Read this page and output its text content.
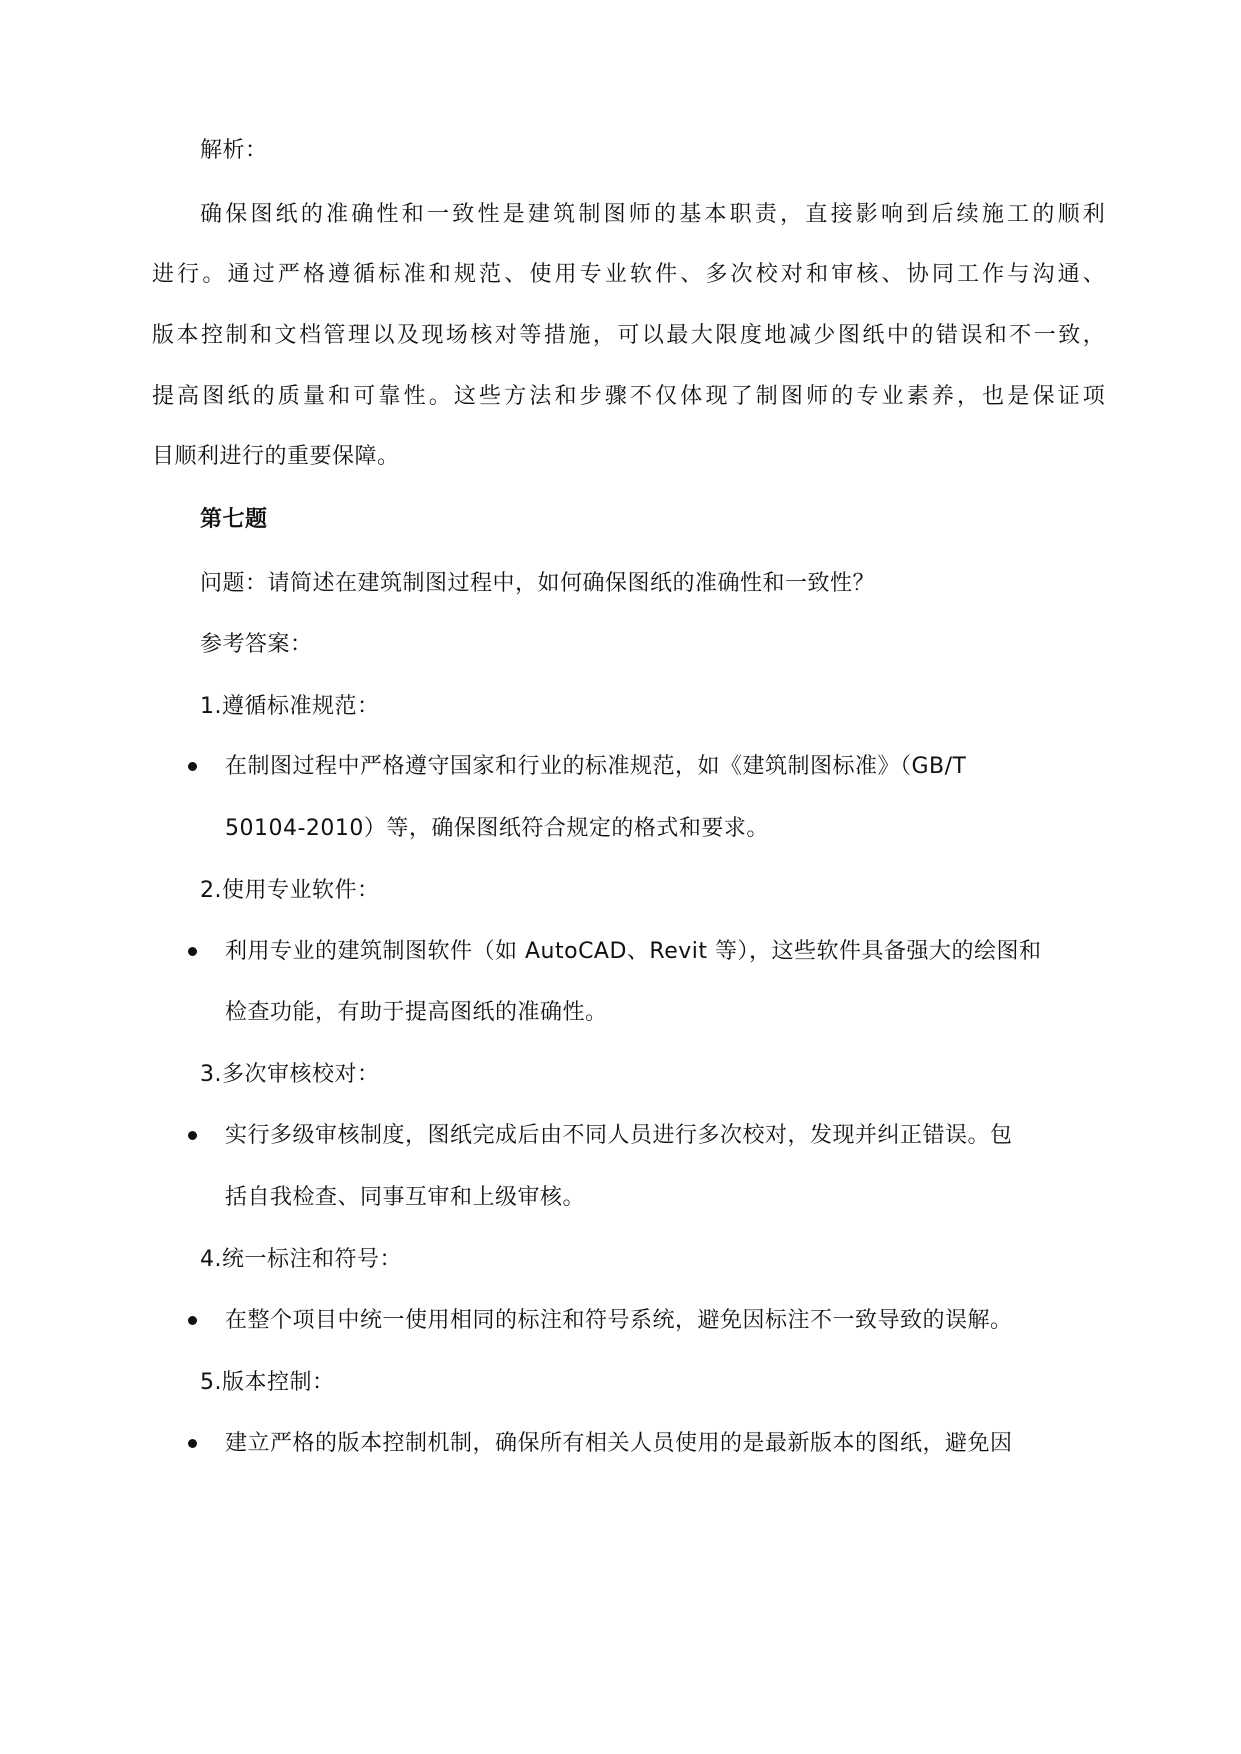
解析：
确保图纸的准确性和一致性是建筑制图师的基本职责，直接影响到后续施工的顺利
进行。通过严格遵循标准和规范、使用专业软件、多次校对和审核、协同工作与沟通、
版本控制和文档管理以及现场核对等措施，可以最大限度地减少图纸中的错误和不一致，
提高图纸的质量和可靠性。这些方法和步骤不仅体现了制图师的专业素养，也是保证项
目顺利进行的重要保障。
第七题
问题：请简述在建筑制图过程中，如何确保图纸的准确性和一致性？
参考答案：
1.遵循标准规范：
在制图过程中严格遵守国家和行业的标准规范，如《建筑制图标准》（GB/T
50104-2010）等，确保图纸符合规定的格式和要求。
2.使用专业软件：
利用专业的建筑制图软件（如 AutoCAD、Revit 等），这些软件具备强大的绘图和
检查功能，有助于提高图纸的准确性。
3.多次审核校对：
实行多级审核制度，图纸完成后由不同人员进行多次校对，发现并纠正错误。包
括自我检查、同事互审和上级审核。
4.统一标注和符号：
在整个项目中统一使用相同的标注和符号系统，避免因标注不一致导致的误解。
5.版本控制：
建立严格的版本控制机制，确保所有相关人员使用的是最新版本的图纸，避免因
